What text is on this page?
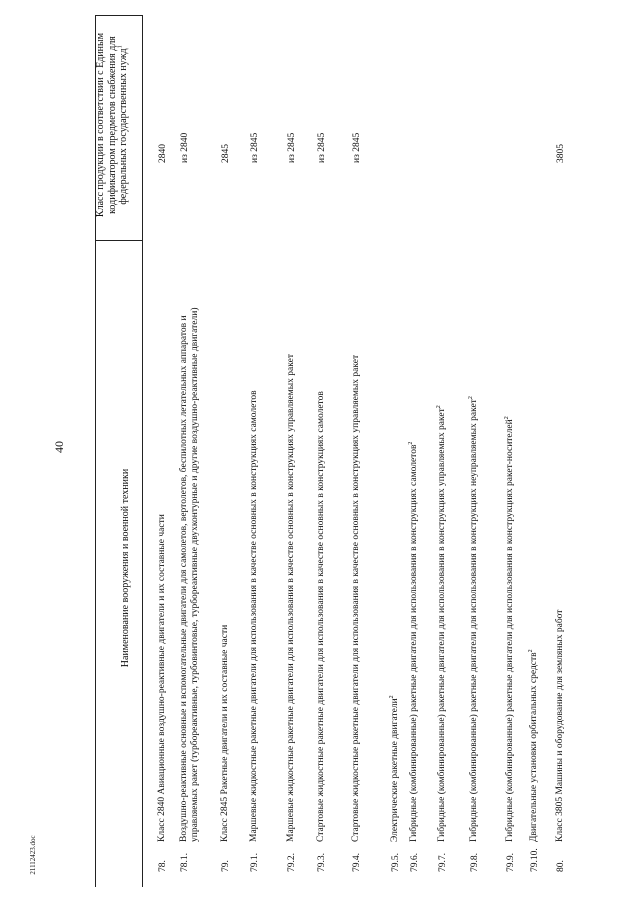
40
21112423.doc
Наименование вооружения и военной техники
Класс продукции в соответствии с Единым кодификатором предметов снабжения для федеральных государственных нужд$^1$
78.
Класс 2840 Авиационные воздушно-реактивные двигатели и их составные части
2840
78.1.
Воздушно-реактивные основные и вспомогательные двигатели для самолетов, вертолетов, беспилотных летательных аппаратов и управляемых ракет (турбореактивные, турбовинтовые, турбореактивные двухконтурные и другие воздушно-реактивные двигатели)
из 2840
79.
Класс 2845 Ракетные двигатели и их составные части
2845
79.1.
Маршевые жидкостные ракетные двигатели для использования в качестве основных в конструкциях самолетов
из 2845
79.2.
Маршевые жидкостные ракетные двигатели для использования в качестве основных в конструкциях управляемых ракет
из 2845
79.3.
Стартовые жидкостные ракетные двигатели для использования в качестве основных в конструкциях самолетов
из 2845
79.4.
Стартовые жидкостные ракетные двигатели для использования в качестве основных в конструкциях управляемых ракет
из 2845
79.5.
Электрические ракетные двигатели$^2$
79.6.
Гибридные (комбинированные) ракетные двигатели для использования в конструкциях самолетов$^2$
79.7.
Гибридные (комбинированные) ракетные двигатели для использования в конструкциях управляемых ракет$^2$
79.8.
Гибридные (комбинированные) ракетные двигатели для использования в конструкциях неуправляемых ракет$^2$
79.9.
Гибридные (комбинированные) ракетные двигатели для использования в конструкциях ракет-носителей$^2$
79.10.
Двигательные установки орбитальных средств$^2$
80.
Класс 3805 Машины и оборудование для земляных работ
3805
